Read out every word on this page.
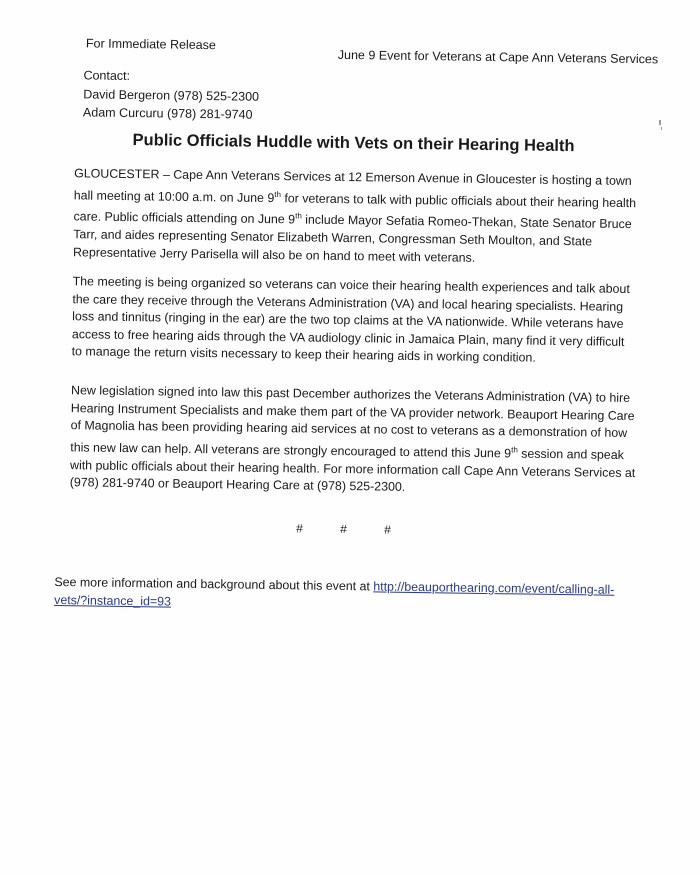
For Immediate Release
June 9 Event for Veterans at Cape Ann Veterans Services
Contact:
David Bergeron (978) 525-2300
Adam Curcuru (978) 281-9740
Public Officials Huddle with Vets on their Hearing Health

GLOUCESTER – Cape Ann Veterans Services at 12 Emerson Avenue in Gloucester is hosting a town hall meeting at 10:00 a.m. on June 9th for veterans to talk with public officials about their hearing health care. Public officials attending on June 9th include Mayor Sefatia Romeo-Thekan, State Senator Bruce Tarr, and aides representing Senator Elizabeth Warren, Congressman Seth Moulton, and State Representative Jerry Parisella will also be on hand to meet with veterans.

The meeting is being organized so veterans can voice their hearing health experiences and talk about the care they receive through the Veterans Administration (VA) and local hearing specialists. Hearing loss and tinnitus (ringing in the ear) are the two top claims at the VA nationwide. While veterans have access to free hearing aids through the VA audiology clinic in Jamaica Plain, many find it very difficult to manage the return visits necessary to keep their hearing aids in working condition.

New legislation signed into law this past December authorizes the Veterans Administration (VA) to hire Hearing Instrument Specialists and make them part of the VA provider network. Beauport Hearing Care of Magnolia has been providing hearing aid services at no cost to veterans as a demonstration of how this new law can help. All veterans are strongly encouraged to attend this June 9th session and speak with public officials about their hearing health. For more information call Cape Ann Veterans Services at (978) 281-9740 or Beauport Hearing Care at (978) 525-2300.

# # #

See more information and background about this event at http://beauporthearing.com/event/calling-all-vets/?instance_id=93
